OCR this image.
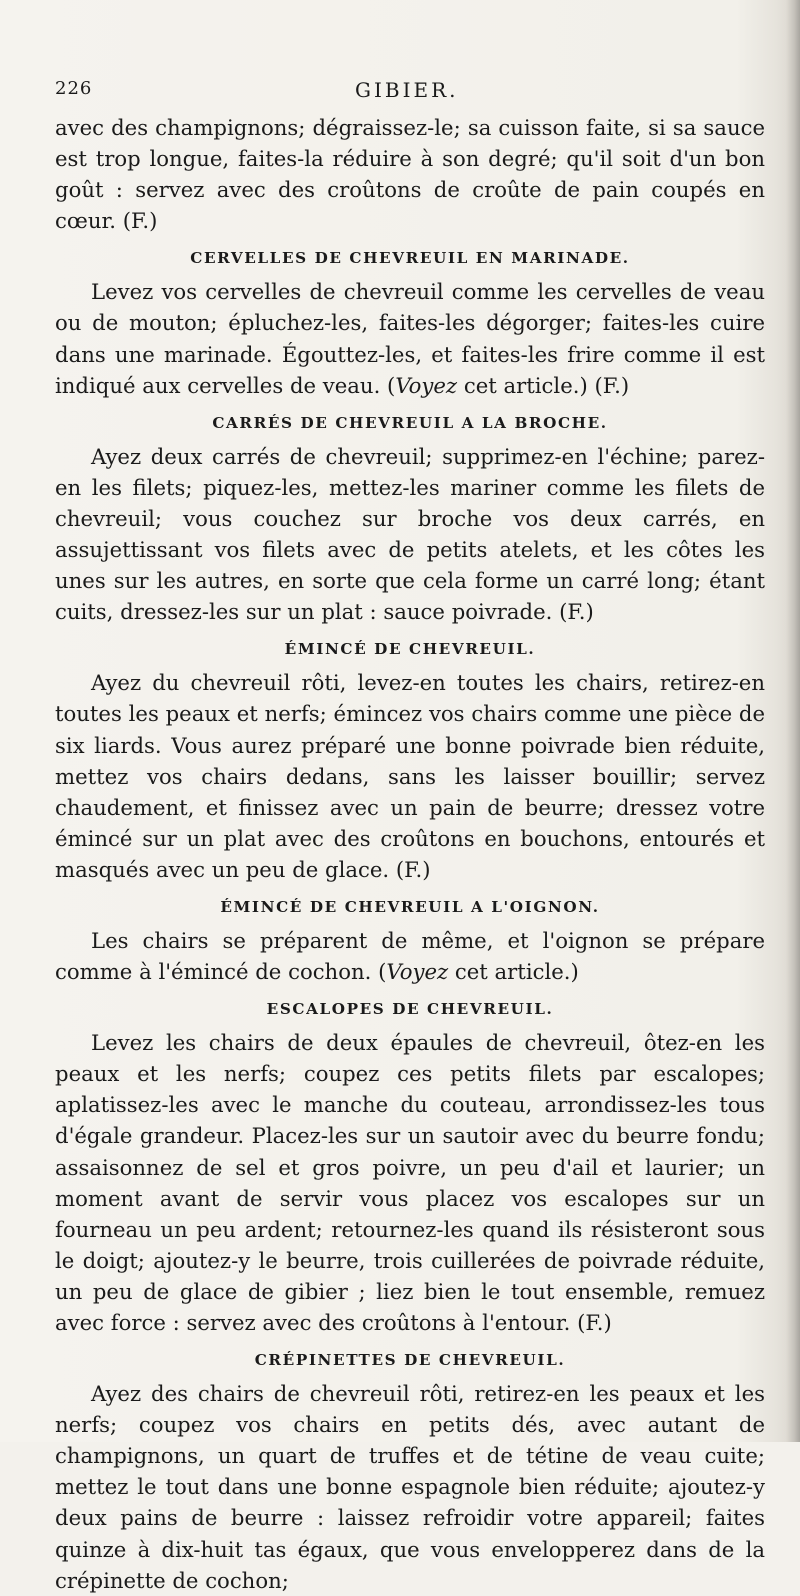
226	GIBIER.

avec des champignons; dégraissez-le; sa cuisson faite, si sa sauce est trop longue, faites-la réduire à son degré; qu'il soit d'un bon goût : servez avec des croûtons de croûte de pain coupés en cœur. (F.)

CERVELLES DE CHEVREUIL EN MARINADE.

Levez vos cervelles de chevreuil comme les cervelles de veau ou de mouton; épluchez-les, faites-les dégorger; faites-les cuire dans une marinade. Égouttez-les, et faites-les frire comme il est indiqué aux cervelles de veau. (Voyez cet article.) (F.)

CARRÉS DE CHEVREUIL A LA BROCHE.

Ayez deux carrés de chevreuil; supprimez-en l'échine; parez-en les filets; piquez-les, mettez-les mariner comme les filets de chevreuil; vous couchez sur broche vos deux carrés, en assujettissant vos filets avec de petits atelets, et les côtes les unes sur les autres, en sorte que cela forme un carré long; étant cuits, dressez-les sur un plat : sauce poivrade. (F.)

ÉMINCÉ DE CHEVREUIL.

Ayez du chevreuil rôti, levez-en toutes les chairs, retirez-en toutes les peaux et nerfs; émincez vos chairs comme une pièce de six liards. Vous aurez préparé une bonne poivrade bien réduite, mettez vos chairs dedans, sans les laisser bouillir; servez chaudement, et finissez avec un pain de beurre; dressez votre émincé sur un plat avec des croûtons en bouchons, entourés et masqués avec un peu de glace. (F.)

ÉMINCÉ DE CHEVREUIL A L'OIGNON.

Les chairs se préparent de même, et l'oignon se prépare comme à l'émincé de cochon. (Voyez cet article.)

ESCALOPES DE CHEVREUIL.

Levez les chairs de deux épaules de chevreuil, ôtez-en les peaux et les nerfs; coupez ces petits filets par escalopes; aplatissez-les avec le manche du couteau, arrondissez-les tous d'égale grandeur. Placez-les sur un sautoir avec du beurre fondu; assaisonnez de sel et gros poivre, un peu d'ail et laurier; un moment avant de servir vous placez vos escalopes sur un fourneau un peu ardent; retournez-les quand ils résisteront sous le doigt; ajoutez-y le beurre, trois cuillerées de poivrade réduite, un peu de glace de gibier ; liez bien le tout ensemble, remuez avec force : servez avec des croûtons à l'entour. (F.)

CRÉPINETTES DE CHEVREUIL.

Ayez des chairs de chevreuil rôti, retirez-en les peaux et les nerfs; coupez vos chairs en petits dés, avec autant de champignons, un quart de truffes et de tétine de veau cuite; mettez le tout dans une bonne espagnole bien réduite; ajoutez-y deux pains de beurre : laissez refroidir votre appareil; faites quinze à dix-huit tas égaux, que vous envelopperez dans de la crépinette de cochon;
